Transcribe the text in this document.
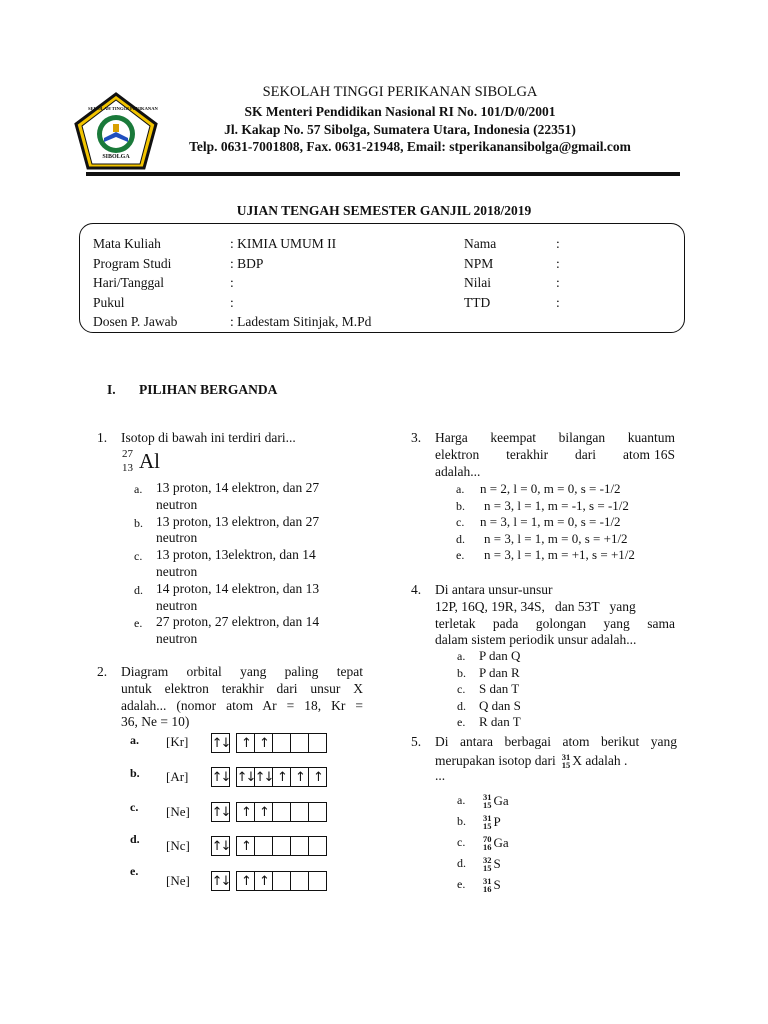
SEKOLAH TINGGI PERIKANAN
SIBOLGA
SEKOLAH TINGGI PERIKANAN SIBOLGA
SK Menteri Pendidikan Nasional RI No. 101/D/0/2001
Jl. Kakap No. 57 Sibolga, Sumatera Utara, Indonesia (22351)
Telp. 0631-7001808, Fax. 0631-21948, Email: stperikanansibolga@gmail.com
UJIAN TENGAH SEMESTER GANJIL 2018/2019
Mata Kuliah	: KIMIA UMUM II
Program Studi	: BDP
Hari/Tanggal	:
Pukul	:
Dosen P. Jawab	: Ladestam Sitinjak, M.Pd
Nama	:
NPM	:
Nilai	:
TTD	:
I. PILIHAN BERGANDA
1. Isotop di bawah ini terdiri dari...
27
13 Al
a.	13 proton, 14 elektron, dan 27
neutron
b. 13 proton, 13 elektron, dan 27
neutron
c.	13 proton, 13elektron, dan 14
neutron
d. 14 proton, 14 elektron, dan 13
neutron
e.	27 proton, 27 elektron, dan 14
neutron
2. Diagram orbital yang paling tepat
untuk elektron terakhir dari unsur X
adalah... (nomor atom Ar = 18, Kr =
36, Ne = 10)
a. [Kr] ↑↓ ↑ ↑
b. [Ar] ↑↓ ↑↓ ↑↓ ↑ ↑ ↑
c. [Ne] ↑↓ ↑ ↑
d. [Nc] ↑↓ ↑
e.
[Ne] ↑↓ ↑ ↑
3. Harga keempat bilangan kuantum
elektron terakhir dari atom 16S
adalah...
a.	n = 2, l = 0, m = 0, s = -1/2
b.	n = 3, l = 1, m = -1, s = -1/2
c.	n = 3, l = 1, m = 0, s = -1/2
d.	n = 3, l = 1, m = 0, s = +1/2
e.	n = 3, l = 1, m = +1, s = +1/2
4. Di antara unsur-unsur
12P, 16Q, 19R, 34S,   dan 53T   yang
terletak pada golongan yang sama
dalam sistem periodik unsur adalah...
a.	P dan Q
b.	P dan R
c.	S dan T
d.	Q dan S
e.	R dan T
5. Di antara berbagai atom berikut yang
merupakan isotop dari 31
15 X adalah .
...
a.	31
15 Ga
b.	31
15 P
c.	70
16 Ga
d.	32
15 S
e.	31
16 S
